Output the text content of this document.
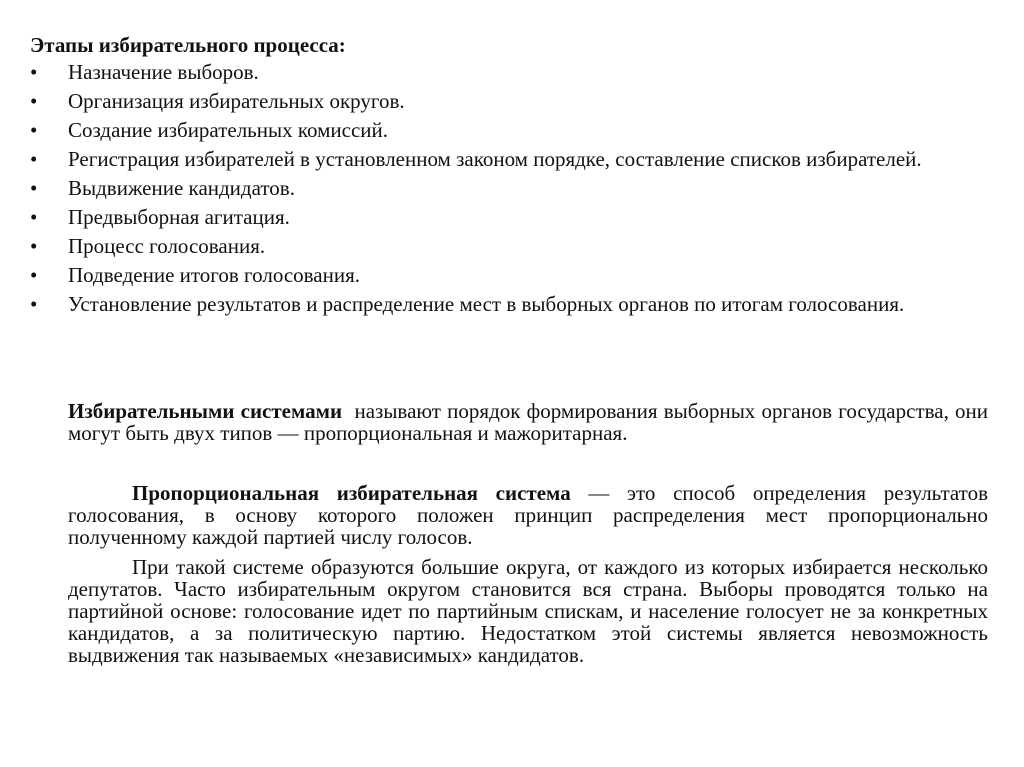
Этапы избирательного процесса:

•	Назначение выборов.
•	Организация избирательных округов.
•	Создание избирательных комиссий.
•	Регистрация избирателей в установленном законом порядке, составление списков избирателей.
•	Выдвижение кандидатов.
•	Предвыборная агитация.
•	Процесс голосования.
•	Подведение итогов голосования.
•	Установление результатов и распределение мест в выборных органов по итогам голосования.

Избирательными системами  называют порядок формирования выборных органов государства, они могут быть двух типов — пропорциональная и мажоритарная.

Пропорциональная избирательная система — это способ определения результатов голосования, в основу которого положен принцип распределения мест пропорционально полученному каждой партией числу голосов.

При такой системе образуются большие округа, от каждого из которых избирается несколько депутатов. Часто избирательным округом становится вся страна. Выборы проводятся только на партийной основе: голосование идет по партийным спискам, и население голосует не за конкретных кандидатов, а за политическую партию. Недостатком этой системы является невозможность выдвижения так называемых «независимых» кандидатов.
